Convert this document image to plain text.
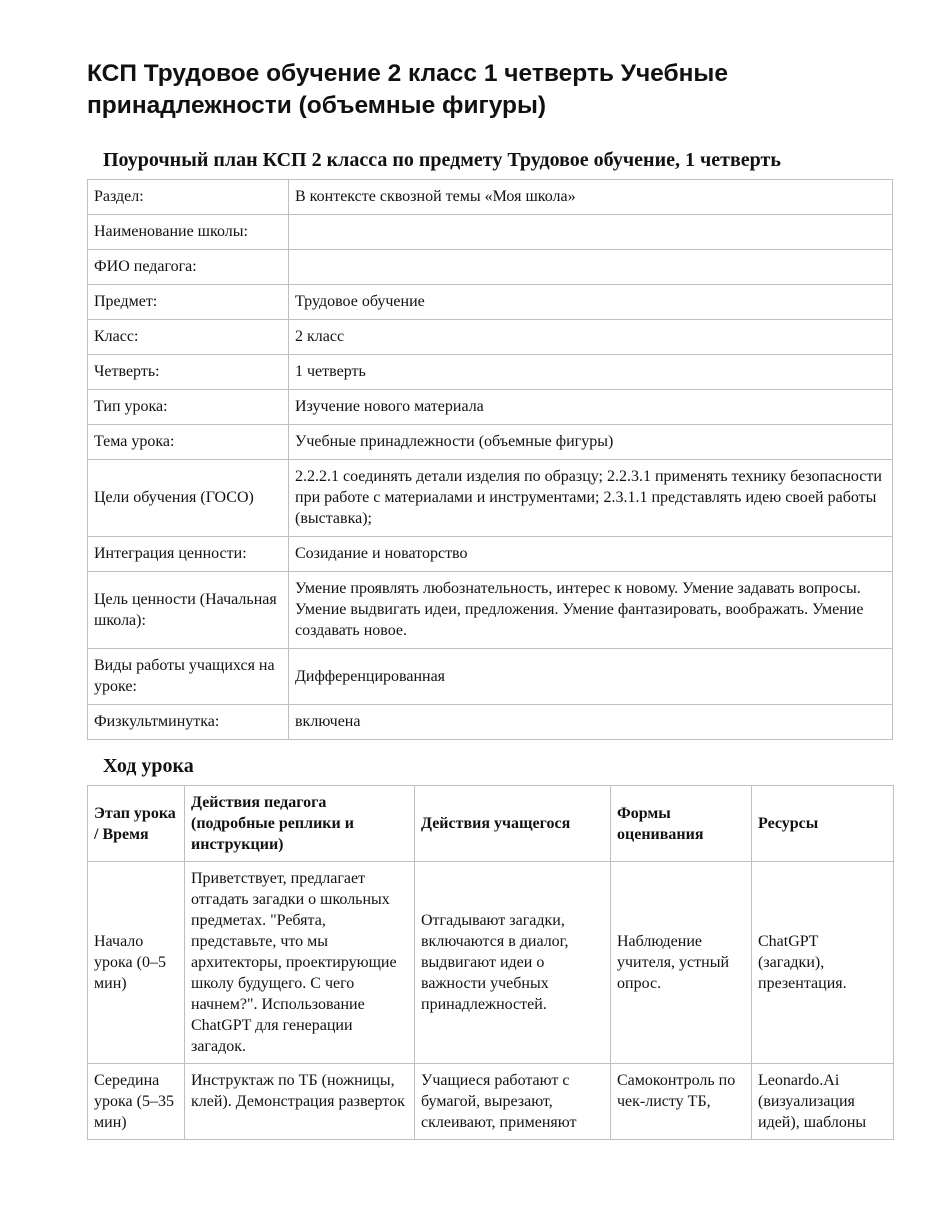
КСП Трудовое обучение 2 класс 1 четверть Учебные принадлежности (объемные фигуры)
Поурочный план КСП 2 класса по предмету Трудовое обучение, 1 четверть
Раздел:	В контексте сквозной темы «Моя школа»
Наименование школы:	
ФИО педагога:	
Предмет:	Трудовое обучение
Класс:	2 класс
Четверть:	1 четверть
Тип урока:	Изучение нового материала
Тема урока:	Учебные принадлежности (объемные фигуры)
Цели обучения (ГОСО)	2.2.2.1 соединять детали изделия по образцу; 2.2.3.1 применять технику безопасности при работе с материалами и инструментами; 2.3.1.1 представлять идею своей работы (выставка);
Интеграция ценности:	Созидание и новаторство
Цель ценности (Начальная школа):	Умение проявлять любознательность, интерес к новому. Умение задавать вопросы. Умение выдвигать идеи, предложения. Умение фантазировать, воображать. Умение создавать новое.
Виды работы учащихся на уроке:	Дифференцированная
Физкультминутка:	включена
Ход урока
Этап урока / Время	Действия педагога (подробные реплики и инструкции)	Действия учащегося	Формы оценивания	Ресурсы
Начало урока (0–5 мин)	Приветствует, предлагает отгадать загадки о школьных предметах. "Ребята, представьте, что мы архитекторы, проектирующие школу будущего. С чего начнем?". Использование ChatGPT для генерации загадок.	Отгадывают загадки, включаются в диалог, выдвигают идеи о важности учебных принадлежностей.	Наблюдение учителя, устный опрос.	ChatGPT (загадки), презентация.
Середина урока (5–35 мин)	Инструктаж по ТБ (ножницы, клей). Демонстрация разверток	Учащиеся работают с бумагой, вырезают, склеивают, применяют	Самоконтроль по чек-листу ТБ,	Leonardo.Ai (визуализация идей), шаблоны
